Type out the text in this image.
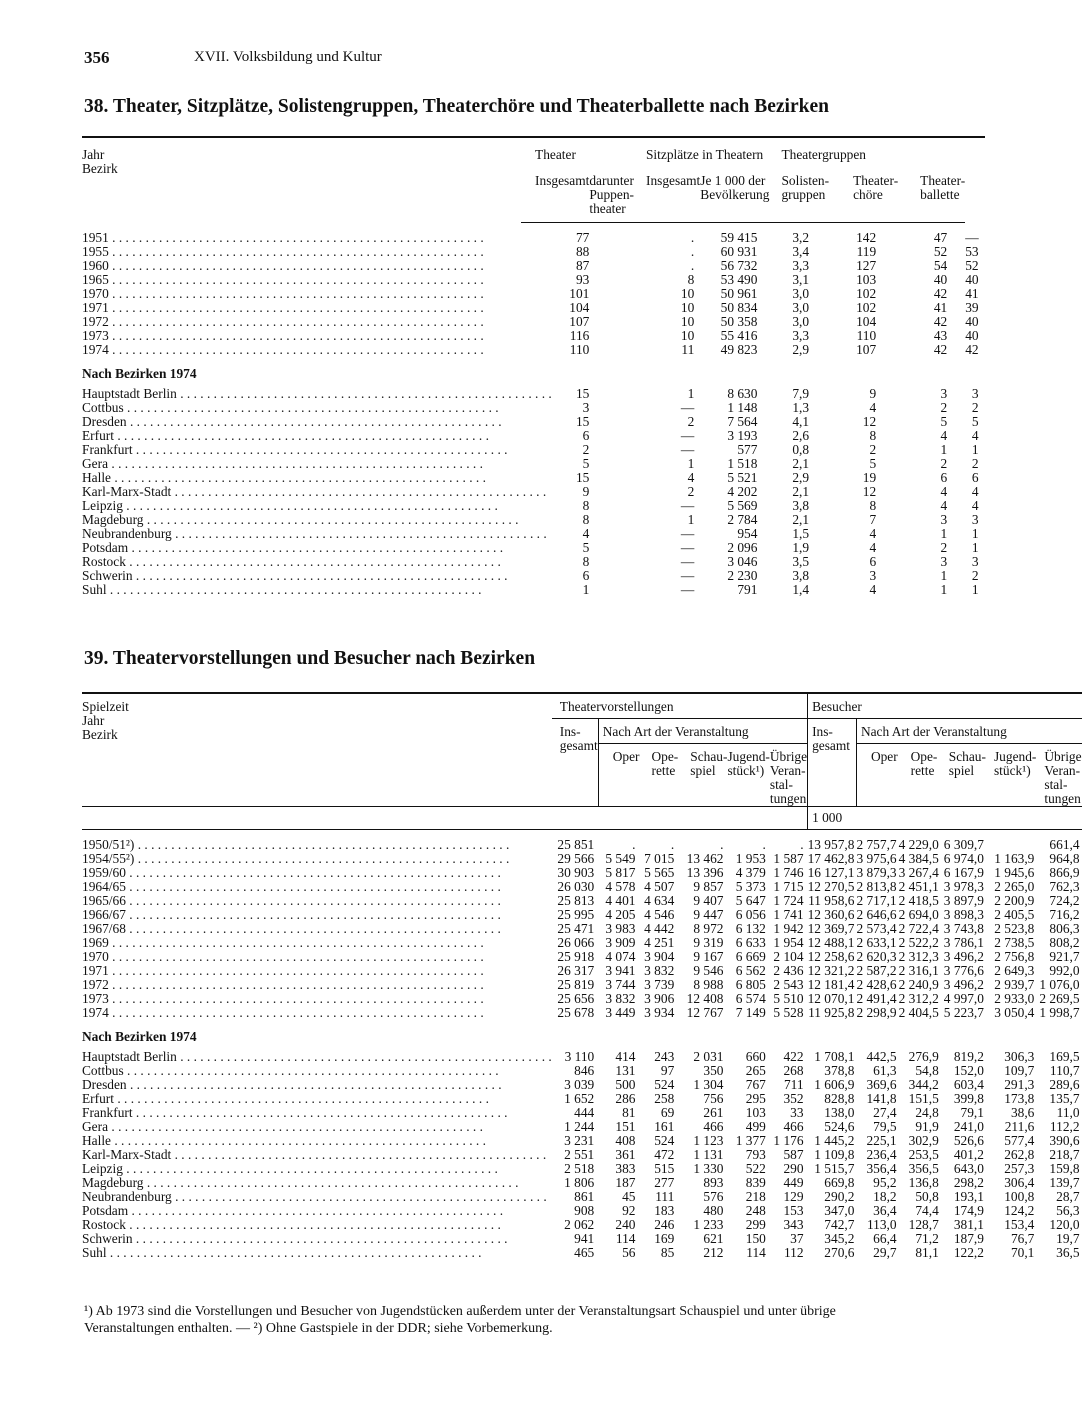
356	XVII. Volksbildung und Kultur
38. Theater, Sitzplätze, Solistengruppen, Theaterchöre und Theaterballette nach Bezirken
Jahr
Bezirk	Theater			Sitzplätze in Theatern		Theatergruppen			
	Insgesamt		darunter
Puppen-
theater	Insgesamt	Je 1 000 der
Bevölkerung	Solisten-
gruppen	Theater-
chöre	Theater-
ballette	

1951 . . .		77	.		59 415	3,2	142	47	—
1955 . . .		88	.		60 931	3,4	119	52	53
1960 . . .		87	.		56 732	3,3	127	54	52
1965 . . .		93	8		53 490	3,1	103	40	40
1970 . . .		101	10		50 961	3,0	102	42	41
1971 . . .		104	10		50 834	3,0	102	41	39
1972 . . .		107	10		50 358	3,0	104	42	40
1973 . . .		116	10		55 416	3,3	110	43	40
1974 . . .		110	11		49 823	2,9	107	42	42
Nach Bezirken 1974									
Hauptstadt Berlin . . .		15	1		8 630	7,9	9	3	3
Cottbus . . .		3	—		1 148	1,3	4	2	2
Dresden . . .		15	2		7 564	4,1	12	5	5
Erfurt . . .		6	—		3 193	2,6	8	4	4
Frankfurt . . .		2	—		577	0,8	2	1	1
Gera . . .		5	1		1 518	2,1	5	2	2
Halle . . .		15	4		5 521	2,9	19	6	6
Karl-Marx-Stadt . . .		9	2		4 202	2,1	12	4	4
Leipzig . . .		8	—		5 569	3,8	8	4	4
Magdeburg . . .		8	1		2 784	2,1	7	3	3
Neubrandenburg . . .		4	—		954	1,5	4	1	1
Potsdam . . .		5	—		2 096	1,9	4	2	1
Rostock . . .		8	—		3 046	3,5	6	3	3
Schwerin . . .		6	—		2 230	3,8	3	1	2
Suhl . . .		1	—		791	1,4	4	1	1
39. Theatervorstellungen und Besucher nach Bezirken
Spielzeit
Jahr
Bezirk	Theatervorstellungen						Besucher					
	Ins-
gesamt	Nach Art der Veranstaltung					Ins-
gesamt	Nach Art der Veranstaltung				
		Oper	Ope-
rette	Schau-
spiel	Jugend-
stück¹)	Übrige
Veran-
stal-
tungen		Oper	Ope-
rette	Schau-
spiel	Jugend-
stück¹)	Übrige
Veran-
stal-
tungen
							1 000					

1950/51²) . . .	25 851	.	.	.	.	.	13 957,8	2 757,7	4 229,0	6 309,7		661,4
1954/55²) . . .	29 566	5 549	7 015	13 462	1 953	1 587	17 462,8	3 975,6	4 384,5	6 974,0	1 163,9	964,8
1959/60 . . .	30 903	5 817	5 565	13 396	4 379	1 746	16 127,1	3 879,3	3 267,4	6 167,9	1 945,6	866,9
1964/65 . . .	26 030	4 578	4 507	9 857	5 373	1 715	12 270,5	2 813,8	2 451,1	3 978,3	2 265,0	762,3
1965/66 . . .	25 813	4 401	4 634	9 407	5 647	1 724	11 958,6	2 717,1	2 418,5	3 897,9	2 200,9	724,2
1966/67 . . .	25 995	4 205	4 546	9 447	6 056	1 741	12 360,6	2 646,6	2 694,0	3 898,3	2 405,5	716,2
1967/68 . . .	25 471	3 983	4 442	8 972	6 132	1 942	12 369,7	2 573,4	2 722,4	3 743,8	2 523,8	806,3
1969 . . .	26 066	3 909	4 251	9 319	6 633	1 954	12 488,1	2 633,1	2 522,2	3 786,1	2 738,5	808,2
1970 . . .	25 918	4 074	3 904	9 167	6 669	2 104	12 258,6	2 620,3	2 312,3	3 496,2	2 756,8	921,7
1971 . . .	26 317	3 941	3 832	9 546	6 562	2 436	12 321,2	2 587,2	2 316,1	3 776,6	2 649,3	992,0
1972 . . .	25 819	3 744	3 739	8 988	6 805	2 543	12 181,4	2 428,6	2 240,9	3 496,2	2 939,7	1 076,0
1973 . . .	25 656	3 832	3 906	12 408	6 574	5 510	12 070,1	2 491,4	2 312,2	4 997,0	2 933,0	2 269,5
1974 . . .	25 678	3 449	3 934	12 767	7 149	5 528	11 925,8	2 298,9	2 404,5	5 223,7	3 050,4	1 998,7
Nach Bezirken 1974												
Hauptstadt Berlin . . .	3 110	414	243	2 031	660	422	1 708,1	442,5	276,9	819,2	306,3	169,5
Cottbus . . .	846	131	97	350	265	268	378,8	61,3	54,8	152,0	109,7	110,7
Dresden . . .	3 039	500	524	1 304	767	711	1 606,9	369,6	344,2	603,4	291,3	289,6
Erfurt . . .	1 652	286	258	756	295	352	828,8	141,8	151,5	399,8	173,8	135,7
Frankfurt . . .	444	81	69	261	103	33	138,0	27,4	24,8	79,1	38,6	11,0
Gera . . .	1 244	151	161	466	499	466	524,6	79,5	91,9	241,0	211,6	112,2
Halle . . .	3 231	408	524	1 123	1 377	1 176	1 445,2	225,1	302,9	526,6	577,4	390,6
Karl-Marx-Stadt . . .	2 551	361	472	1 131	793	587	1 109,8	236,4	253,5	401,2	262,8	218,7
Leipzig . . .	2 518	383	515	1 330	522	290	1 515,7	356,4	356,5	643,0	257,3	159,8
Magdeburg . . .	1 806	187	277	893	839	449	669,8	95,2	136,8	298,2	306,4	139,7
Neubrandenburg . . .	861	45	111	576	218	129	290,2	18,2	50,8	193,1	100,8	28,7
Potsdam . . .	908	92	183	480	248	153	347,0	36,4	74,4	174,9	124,2	56,3
Rostock . . .	2 062	240	246	1 233	299	343	742,7	113,0	128,7	381,1	153,4	120,0
Schwerin . . .	941	114	169	621	150	37	345,2	66,4	71,2	187,9	76,7	19,7
Suhl . . .	465	56	85	212	114	112	270,6	29,7	81,1	122,2	70,1	36,5
¹) Ab 1973 sind die Vorstellungen und Besucher von Jugendstücken außerdem unter der Veranstaltungsart Schauspiel und unter übrige
Veranstaltungen enthalten. — ²) Ohne Gastspiele in der DDR; siehe Vorbemerkung.
